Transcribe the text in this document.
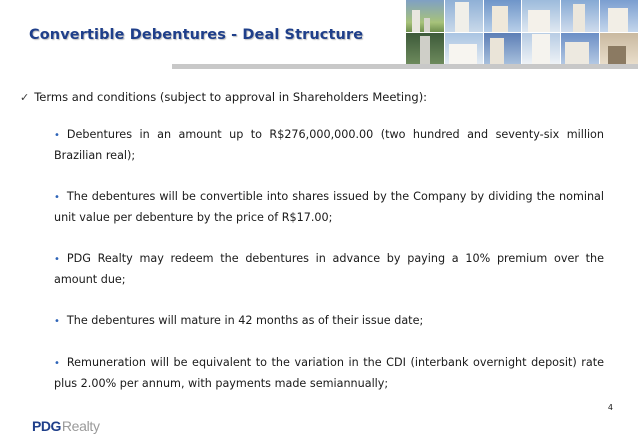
Convertible Debentures - Deal Structure
✓ Terms and conditions (subject to approval in Shareholders Meeting):

• Debentures in an amount up to R$276,000,000.00 (two hundred and seventy-six million Brazilian real);

• The debentures will be convertible into shares issued by the Company by dividing the nominal unit value per debenture by the price of R$17.00;

• PDG Realty may redeem the debentures in advance by paying a 10% premium over the amount due;

• The debentures will mature in 42 months as of their issue date;

• Remuneration will be equivalent to the variation in the CDI (interbank overnight deposit) rate plus 2.00% per annum, with payments made semiannually;

4
PDG Realty
